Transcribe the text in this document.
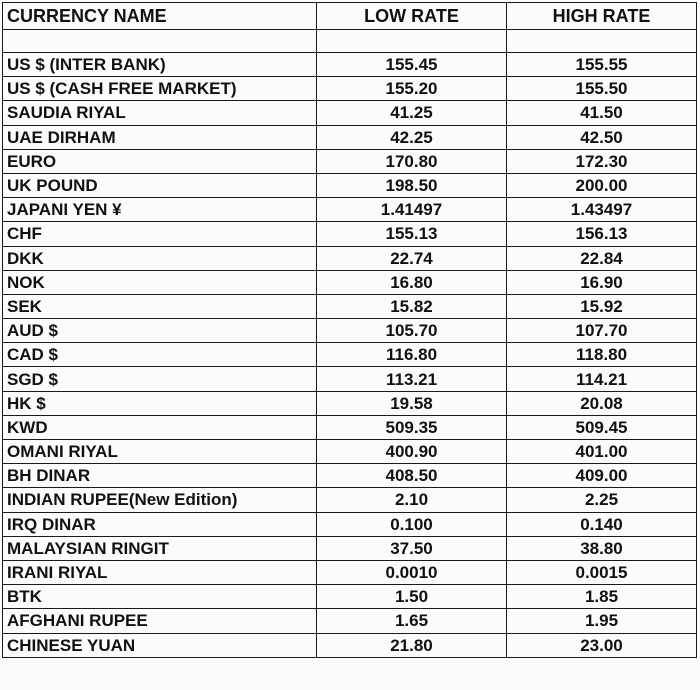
CURRENCY NAME	LOW RATE	HIGH RATE

US $ (INTER BANK)	155.45	155.55
US $ (CASH FREE MARKET)	155.20	155.50
SAUDIA RIYAL	41.25	41.50
UAE DIRHAM	42.25	42.50
EURO	170.80	172.30
UK POUND	198.50	200.00
JAPANI YEN ¥	1.41497	1.43497
CHF	155.13	156.13
DKK	22.74	22.84
NOK	16.80	16.90
SEK	15.82	15.92
AUD $	105.70	107.70
CAD $	116.80	118.80
SGD $	113.21	114.21
HK $	19.58	20.08
KWD	509.35	509.45
OMANI RIYAL	400.90	401.00
BH DINAR	408.50	409.00
INDIAN RUPEE(New Edition)	2.10	2.25
IRQ DINAR	0.100	0.140
MALAYSIAN RINGIT	37.50	38.80
IRANI RIYAL	0.0010	0.0015
BTK	1.50	1.85
AFGHANI RUPEE	1.65	1.95
CHINESE YUAN	21.80	23.00
